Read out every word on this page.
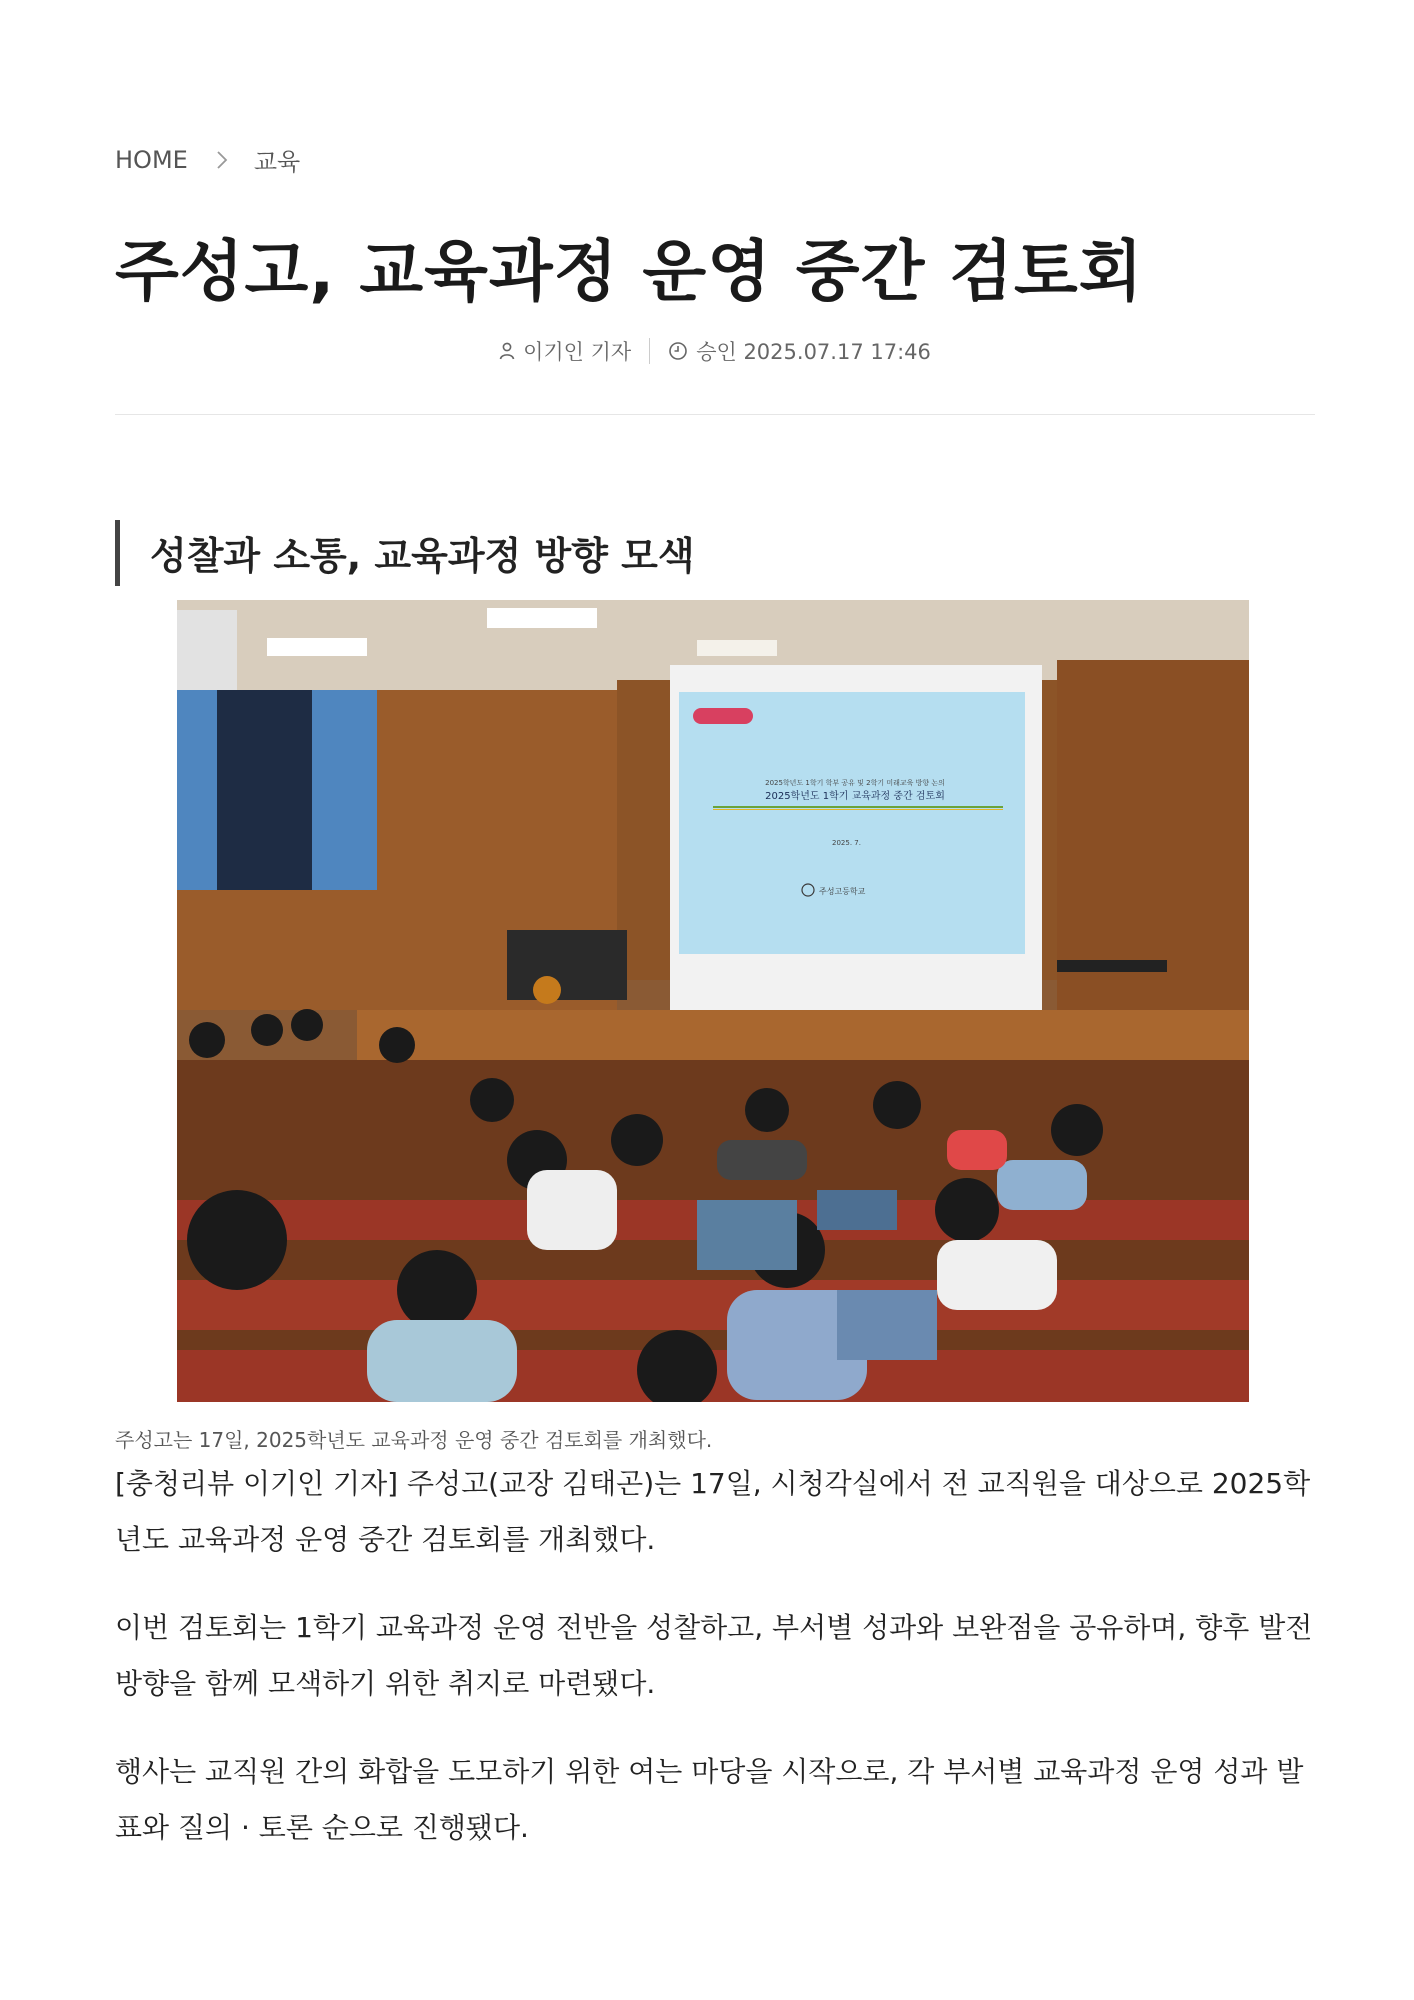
HOME	교육
주성고, 교육과정 운영 중간 검토회
이기인 기자	승인 2025.07.17 17:46
성찰과 소통, 교육과정 방향 모색
2025학년도 1학기 학부 공유 및 2학기 미래교육 방향 논의
2025학년도 1학기 교육과정 중간 검토회
2025. 7.
주성고등학교
주성고는 17일, 2025학년도 교육과정 운영 중간 검토회를 개최했다.

[충청리뷰 이기인 기자] 주성고(교장 김태곤)는 17일, 시청각실에서 전 교직원을 대상으로 2025학년도 교육과정 운영 중간 검토회를 개최했다.

이번 검토회는 1학기 교육과정 운영 전반을 성찰하고, 부서별 성과와 보완점을 공유하며, 향후 발전 방향을 함께 모색하기 위한 취지로 마련됐다.

행사는 교직원 간의 화합을 도모하기 위한 여는 마당을 시작으로, 각 부서별 교육과정 운영 성과 발표와 질의 · 토론 순으로 진행됐다.
